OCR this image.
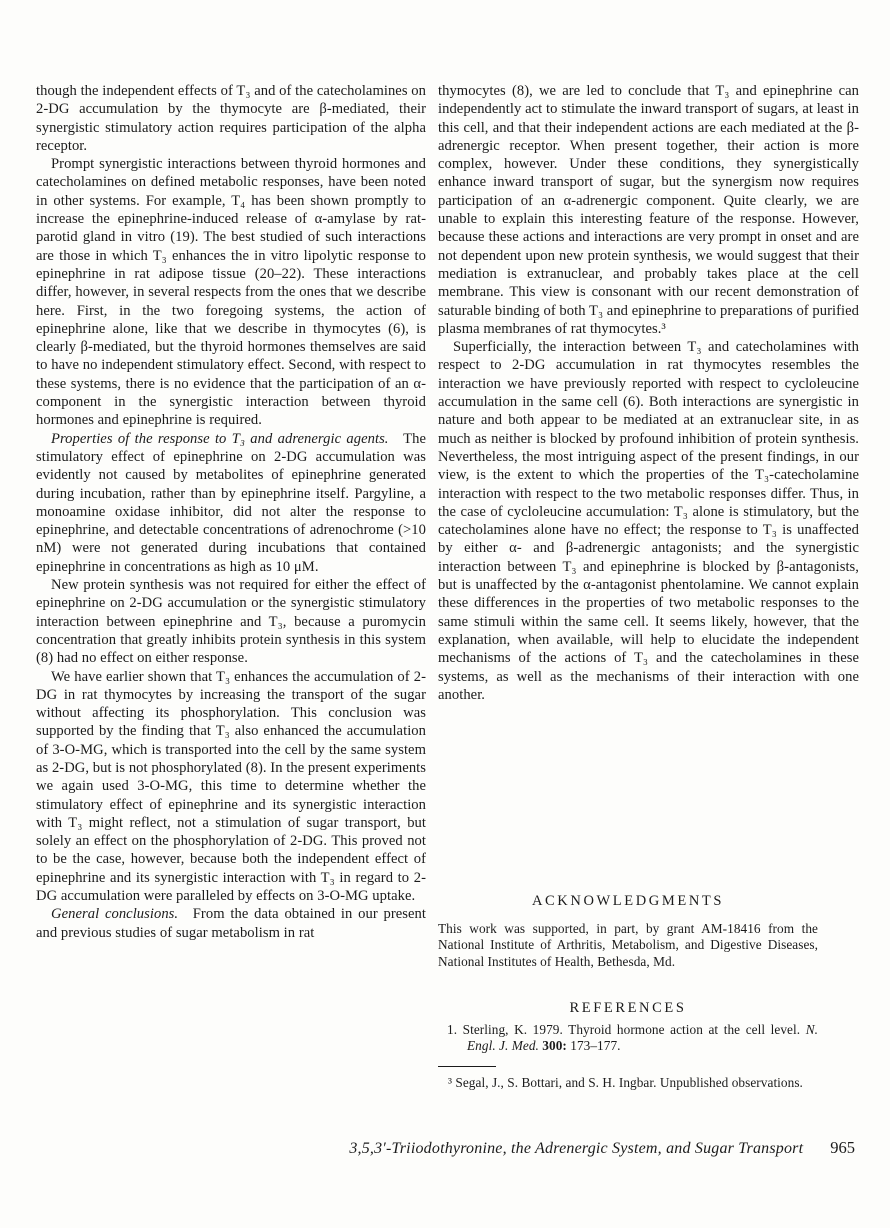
though the independent effects of T₃ and of the catecholamines on 2-DG accumulation by the thymocyte are β-mediated, their synergistic stimulatory action requires participation of the alpha receptor.

Prompt synergistic interactions between thyroid hormones and catecholamines on defined metabolic responses, have been noted in other systems. For example, T₄ has been shown promptly to increase the epinephrine-induced release of α-amylase by rat-parotid gland in vitro (19). The best studied of such interactions are those in which T₃ enhances the in vitro lipolytic response to epinephrine in rat adipose tissue (20–22). These interactions differ, however, in several respects from the ones that we describe here. First, in the two foregoing systems, the action of epinephrine alone, like that we describe in thymocytes (6), is clearly β-mediated, but the thyroid hormones themselves are said to have no independent stimulatory effect. Second, with respect to these systems, there is no evidence that the participation of an α-component in the synergistic interaction between thyroid hormones and epinephrine is required.

Properties of the response to T₃ and adrenergic agents. The stimulatory effect of epinephrine on 2-DG accumulation was evidently not caused by metabolites of epinephrine generated during incubation, rather than by epinephrine itself. Pargyline, a monoamine oxidase inhibitor, did not alter the response to epinephrine, and detectable concentrations of adrenochrome (>10 nM) were not generated during incubations that contained epinephrine in concentrations as high as 10 μM.

New protein synthesis was not required for either the effect of epinephrine on 2-DG accumulation or the synergistic stimulatory interaction between epinephrine and T₃, because a puromycin concentration that greatly inhibits protein synthesis in this system (8) had no effect on either response.

We have earlier shown that T₃ enhances the accumulation of 2-DG in rat thymocytes by increasing the transport of the sugar without affecting its phosphorylation. This conclusion was supported by the finding that T₃ also enhanced the accumulation of 3-O-MG, which is transported into the cell by the same system as 2-DG, but is not phosphorylated (8). In the present experiments we again used 3-O-MG, this time to determine whether the stimulatory effect of epinephrine and its synergistic interaction with T₃ might reflect, not a stimulation of sugar transport, but solely an effect on the phosphorylation of 2-DG. This proved not to be the case, however, because both the independent effect of epinephrine and its synergistic interaction with T₃ in regard to 2-DG accumulation were paralleled by effects on 3-O-MG uptake.

General conclusions. From the data obtained in our present and previous studies of sugar metabolism in rat

thymocytes (8), we are led to conclude that T₃ and epinephrine can independently act to stimulate the inward transport of sugars, at least in this cell, and that their independent actions are each mediated at the β-adrenergic receptor. When present together, their action is more complex, however. Under these conditions, they synergistically enhance inward transport of sugar, but the synergism now requires participation of an α-adrenergic component. Quite clearly, we are unable to explain this interesting feature of the response. However, because these actions and interactions are very prompt in onset and are not dependent upon new protein synthesis, we would suggest that their mediation is extranuclear, and probably takes place at the cell membrane. This view is consonant with our recent demonstration of saturable binding of both T₃ and epinephrine to preparations of purified plasma membranes of rat thymocytes.³

Superficially, the interaction between T₃ and catecholamines with respect to 2-DG accumulation in rat thymocytes resembles the interaction we have previously reported with respect to cycloleucine accumulation in the same cell (6). Both interactions are synergistic in nature and both appear to be mediated at an extranuclear site, in as much as neither is blocked by profound inhibition of protein synthesis. Nevertheless, the most intriguing aspect of the present findings, in our view, is the extent to which the properties of the T₃-catecholamine interaction with respect to the two metabolic responses differ. Thus, in the case of cycloleucine accumulation: T₃ alone is stimulatory, but the catecholamines alone have no effect; the response to T₃ is unaffected by either α- and β-adrenergic antagonists; and the synergistic interaction between T₃ and epinephrine is blocked by β-antagonists, but is unaffected by the α-antagonist phentolamine. We cannot explain these differences in the properties of two metabolic responses to the same stimuli within the same cell. It seems likely, however, that the explanation, when available, will help to elucidate the independent mechanisms of the actions of T₃ and the catecholamines in these systems, as well as the mechanisms of their interaction with one another.

ACKNOWLEDGMENTS

This work was supported, in part, by grant AM-18416 from the National Institute of Arthritis, Metabolism, and Digestive Diseases, National Institutes of Health, Bethesda, Md.

REFERENCES

1. Sterling, K. 1979. Thyroid hormone action at the cell level. N. Engl. J. Med. 300: 173–177.

³ Segal, J., S. Bottari, and S. H. Ingbar. Unpublished observations.

3,5,3′-Triiodothyronine, the Adrenergic System, and Sugar Transport 965
